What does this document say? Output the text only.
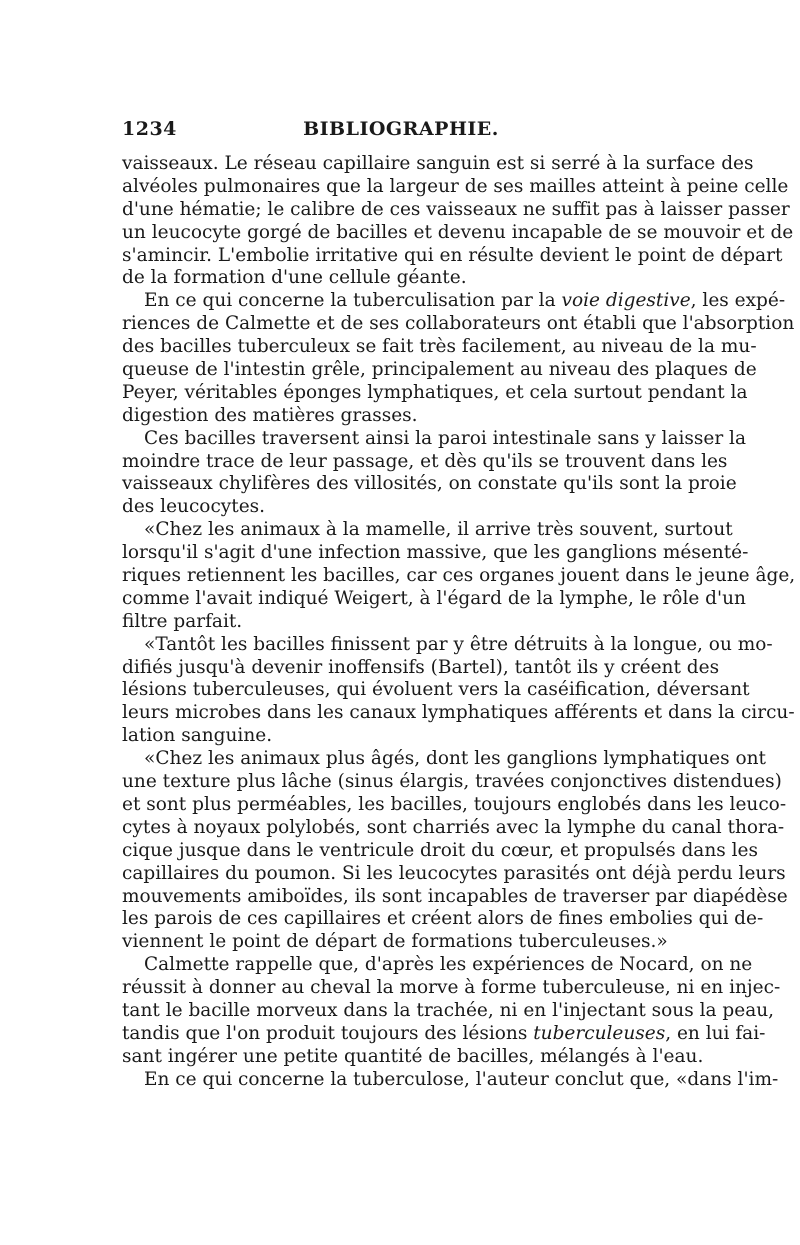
1234	BIBLIOGRAPHIE.
vaisseaux. Le réseau capillaire sanguin est si serré à la surface des
alvéoles pulmonaires que la largeur de ses mailles atteint à peine celle
d'une hématie; le calibre de ces vaisseaux ne suffit pas à laisser passer
un leucocyte gorgé de bacilles et devenu incapable de se mouvoir et de
s'amincir. L'embolie irritative qui en résulte devient le point de départ
de la formation d'une cellule géante.
En ce qui concerne la tuberculisation par la voie digestive, les expé-
riences de Calmette et de ses collaborateurs ont établi que l'absorption
des bacilles tuberculeux se fait très facilement, au niveau de la mu-
queuse de l'intestin grêle, principalement au niveau des plaques de
Peyer, véritables éponges lymphatiques, et cela surtout pendant la
digestion des matières grasses.
Ces bacilles traversent ainsi la paroi intestinale sans y laisser la
moindre trace de leur passage, et dès qu'ils se trouvent dans les
vaisseaux chylifères des villosités, on constate qu'ils sont la proie
des leucocytes.
«Chez les animaux à la mamelle, il arrive très souvent, surtout
lorsqu'il s'agit d'une infection massive, que les ganglions mésenté-
riques retiennent les bacilles, car ces organes jouent dans le jeune âge,
comme l'avait indiqué Weigert, à l'égard de la lymphe, le rôle d'un
filtre parfait.
«Tantôt les bacilles finissent par y être détruits à la longue, ou mo-
difiés jusqu'à devenir inoffensifs (Bartel), tantôt ils y créent des
lésions tuberculeuses, qui évoluent vers la caséification, déversant
leurs microbes dans les canaux lymphatiques afférents et dans la circu-
lation sanguine.
«Chez les animaux plus âgés, dont les ganglions lymphatiques ont
une texture plus lâche (sinus élargis, travées conjonctives distendues)
et sont plus perméables, les bacilles, toujours englobés dans les leuco-
cytes à noyaux polylobés, sont charriés avec la lymphe du canal thora-
cique jusque dans le ventricule droit du cœur, et propulsés dans les
capillaires du poumon. Si les leucocytes parasités ont déjà perdu leurs
mouvements amiboïdes, ils sont incapables de traverser par diapédèse
les parois de ces capillaires et créent alors de fines embolies qui de-
viennent le point de départ de formations tuberculeuses.»
Calmette rappelle que, d'après les expériences de Nocard, on ne
réussit à donner au cheval la morve à forme tuberculeuse, ni en injec-
tant le bacille morveux dans la trachée, ni en l'injectant sous la peau,
tandis que l'on produit toujours des lésions tuberculeuses, en lui fai-
sant ingérer une petite quantité de bacilles, mélangés à l'eau.
En ce qui concerne la tuberculose, l'auteur conclut que, «dans l'im-
